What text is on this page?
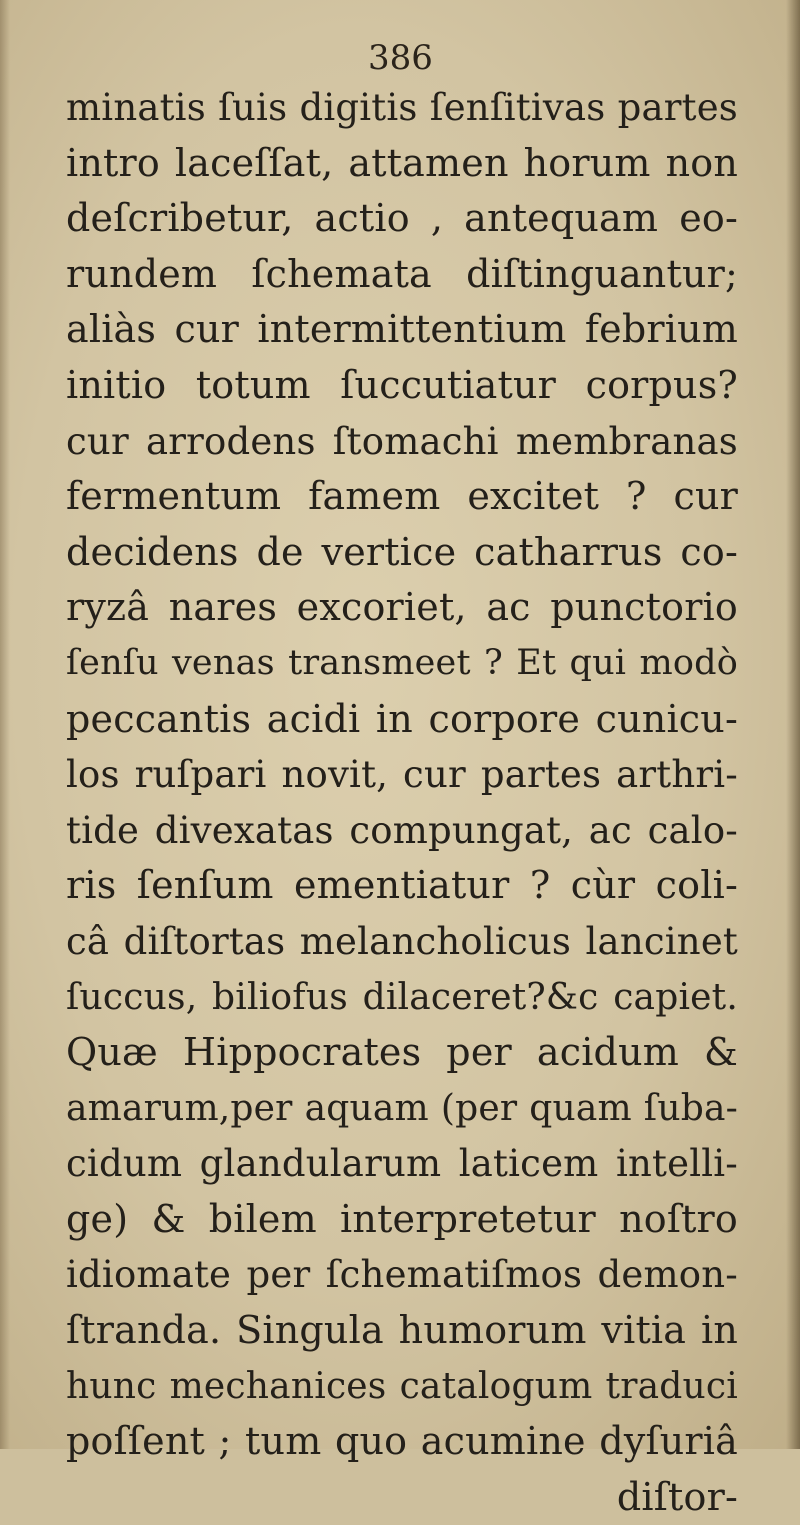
386
minatis ſuis digitis ſenſitivas partes
intro laceſſat, attamen horum non
deſcribetur, actio , antequam eo-
rundem ſchemata diſtinguantur;
aliàs cur intermittentium febrium
initio totum ſuccutiatur corpus?
cur arrodens ſtomachi membranas
fermentum famem excitet ? cur
decidens de vertice catharrus co-
ryzâ nares excoriet, ac punctorio
ſenſu venas transmeet ? Et qui modò
peccantis acidi in corpore cunicu-
los ruſpari novit, cur partes arthri-
tide divexatas compungat, ac calo-
ris ſenſum ementiatur ? cùr coli-
câ diſtortas melancholicus lancinet
ſuccus, biliofus dilaceret?&c capiet.
Quæ Hippocrates per acidum &
amarum,per aquam (per quam ſuba-
cidum glandularum laticem intelli-
ge) & bilem interpretetur noſtro
idiomate per ſchematiſmos demon-
ſtranda. Singula humorum vitia in
hunc mechanices catalogum traduci
poſſent ; tum quo acumine dyſuriâ
diſtor-
